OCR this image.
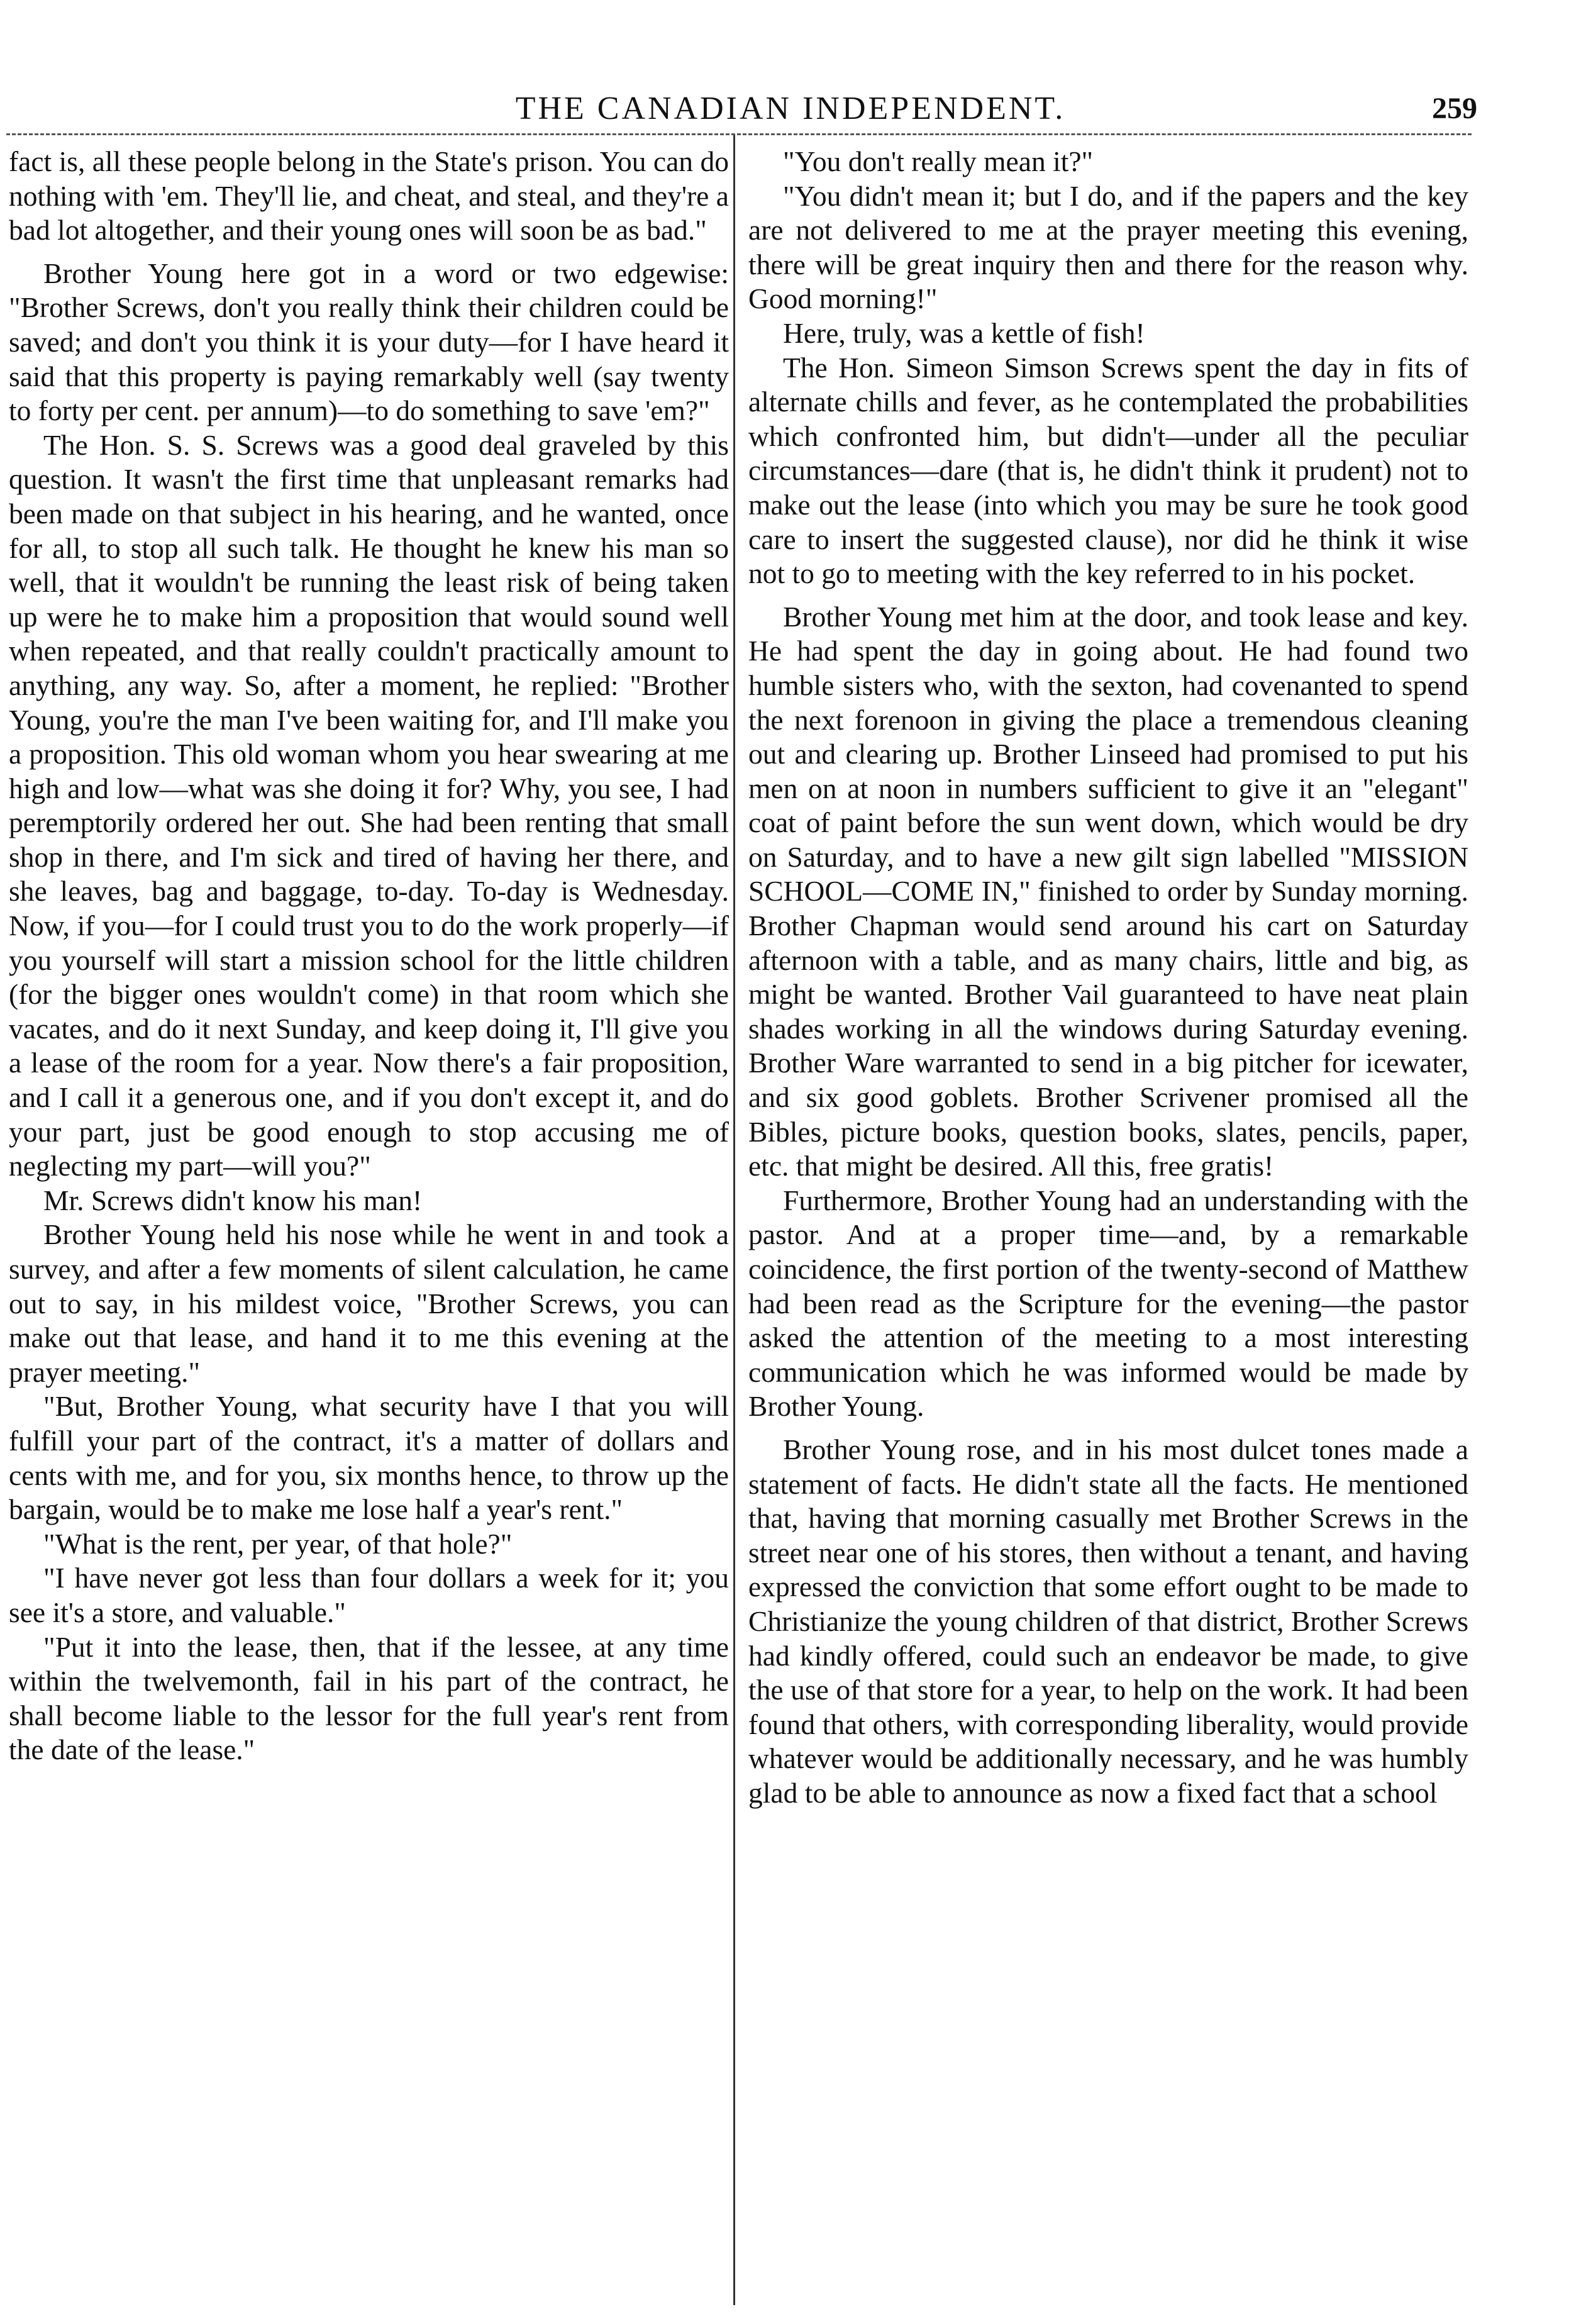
THE CANADIAN INDEPENDENT.	259

fact is, all these people belong in the State's prison. You can do nothing with 'em. They'll lie, and cheat, and steal, and they're a bad lot altogether, and their young ones will soon be as bad."

Brother Young here got in a word or two edgewise: "Brother Screws, don't you really think their children could be saved; and don't you think it is your duty—for I have heard it said that this property is paying remarkably well (say twenty to forty per cent. per annum)—to do something to save 'em?"

The Hon. S. S. Screws was a good deal graveled by this question. It wasn't the first time that unpleasant remarks had been made on that subject in his hearing, and he wanted, once for all, to stop all such talk. He thought he knew his man so well, that it wouldn't be running the least risk of being taken up were he to make him a proposition that would sound well when repeated, and that really couldn't practically amount to anything, any way. So, after a moment, he replied: "Brother Young, you're the man I've been waiting for, and I'll make you a proposition. This old woman whom you hear swearing at me high and low—what was she doing it for? Why, you see, I had peremptorily ordered her out. She had been renting that small shop in there, and I'm sick and tired of having her there, and she leaves, bag and baggage, to-day. To-day is Wednesday. Now, if you—for I could trust you to do the work properly—if you yourself will start a mission school for the little children (for the bigger ones wouldn't come) in that room which she vacates, and do it next Sunday, and keep doing it, I'll give you a lease of the room for a year. Now there's a fair proposition, and I call it a generous one, and if you don't except it, and do your part, just be good enough to stop accusing me of neglecting my part—will you?"

Mr. Screws didn't know his man!

Brother Young held his nose while he went in and took a survey, and after a few moments of silent calculation, he came out to say, in his mildest voice, "Brother Screws, you can make out that lease, and hand it to me this evening at the prayer meeting."

"But, Brother Young, what security have I that you will fulfill your part of the contract, it's a matter of dollars and cents with me, and for you, six months hence, to throw up the bargain, would be to make me lose half a year's rent."

"What is the rent, per year, of that hole?"

"I have never got less than four dollars a week for it; you see it's a store, and valuable."

"Put it into the lease, then, that if the lessee, at any time within the twelvemonth, fail in his part of the contract, he shall become liable to the lessor for the full year's rent from the date of the lease."

"You don't really mean it?"

"You didn't mean it; but I do, and if the papers and the key are not delivered to me at the prayer meeting this evening, there will be great inquiry then and there for the reason why. Good morning!"

Here, truly, was a kettle of fish!

The Hon. Simeon Simson Screws spent the day in fits of alternate chills and fever, as he contemplated the probabilities which confronted him, but didn't—under all the peculiar circumstances—dare (that is, he didn't think it prudent) not to make out the lease (into which you may be sure he took good care to insert the suggested clause), nor did he think it wise not to go to meeting with the key referred to in his pocket.

Brother Young met him at the door, and took lease and key. He had spent the day in going about. He had found two humble sisters who, with the sexton, had covenanted to spend the next forenoon in giving the place a tremendous cleaning out and clearing up. Brother Linseed had promised to put his men on at noon in numbers sufficient to give it an "elegant" coat of paint before the sun went down, which would be dry on Saturday, and to have a new gilt sign labelled "MISSION SCHOOL—COME IN," finished to order by Sunday morning. Brother Chapman would send around his cart on Saturday afternoon with a table, and as many chairs, little and big, as might be wanted. Brother Vail guaranteed to have neat plain shades working in all the windows during Saturday evening. Brother Ware warranted to send in a big pitcher for icewater, and six good goblets. Brother Scrivener promised all the Bibles, picture books, question books, slates, pencils, paper, etc. that might be desired. All this, free gratis!

Furthermore, Brother Young had an understanding with the pastor. And at a proper time—and, by a remarkable coincidence, the first portion of the twenty-second of Matthew had been read as the Scripture for the evening—the pastor asked the attention of the meeting to a most interesting communication which he was informed would be made by Brother Young.

Brother Young rose, and in his most dulcet tones made a statement of facts. He didn't state all the facts. He mentioned that, having that morning casually met Brother Screws in the street near one of his stores, then without a tenant, and having expressed the conviction that some effort ought to be made to Christianize the young children of that district, Brother Screws had kindly offered, could such an endeavor be made, to give the use of that store for a year, to help on the work. It had been found that others, with corresponding liberality, would provide whatever would be additionally necessary, and he was humbly glad to be able to announce as now a fixed fact that a school
